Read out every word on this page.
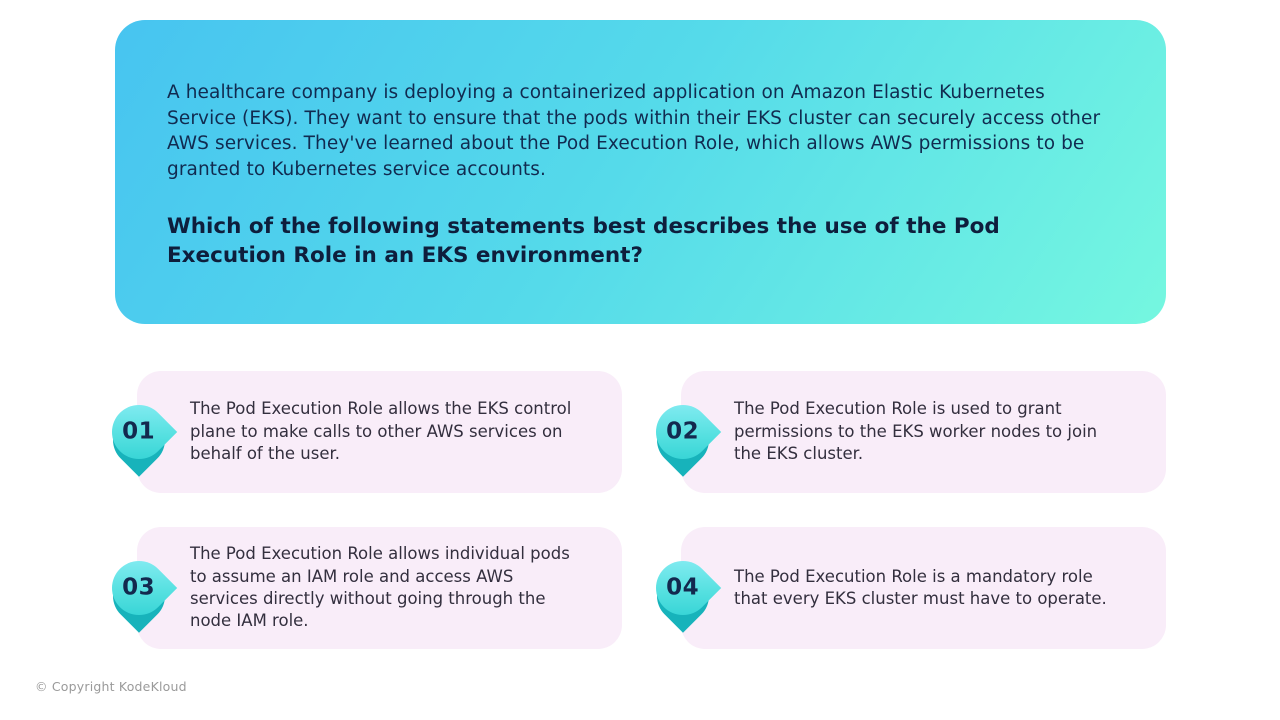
A healthcare company is deploying a containerized application on Amazon Elastic Kubernetes Service (EKS). They want to ensure that the pods within their EKS cluster can securely access other AWS services. They've learned about the Pod Execution Role, which allows AWS permissions to be granted to Kubernetes service accounts.

Which of the following statements best describes the use of the Pod Execution Role in an EKS environment?

01

The Pod Execution Role allows the EKS control plane to make calls to other AWS services on behalf of the user.

02

The Pod Execution Role is used to grant permissions to the EKS worker nodes to join the EKS cluster.

03

The Pod Execution Role allows individual pods to assume an IAM role and access AWS services directly without going through the node IAM role.

04	The Pod Execution Role is a mandatory role that every EKS cluster must have to operate.

© Copyright KodeKloud
